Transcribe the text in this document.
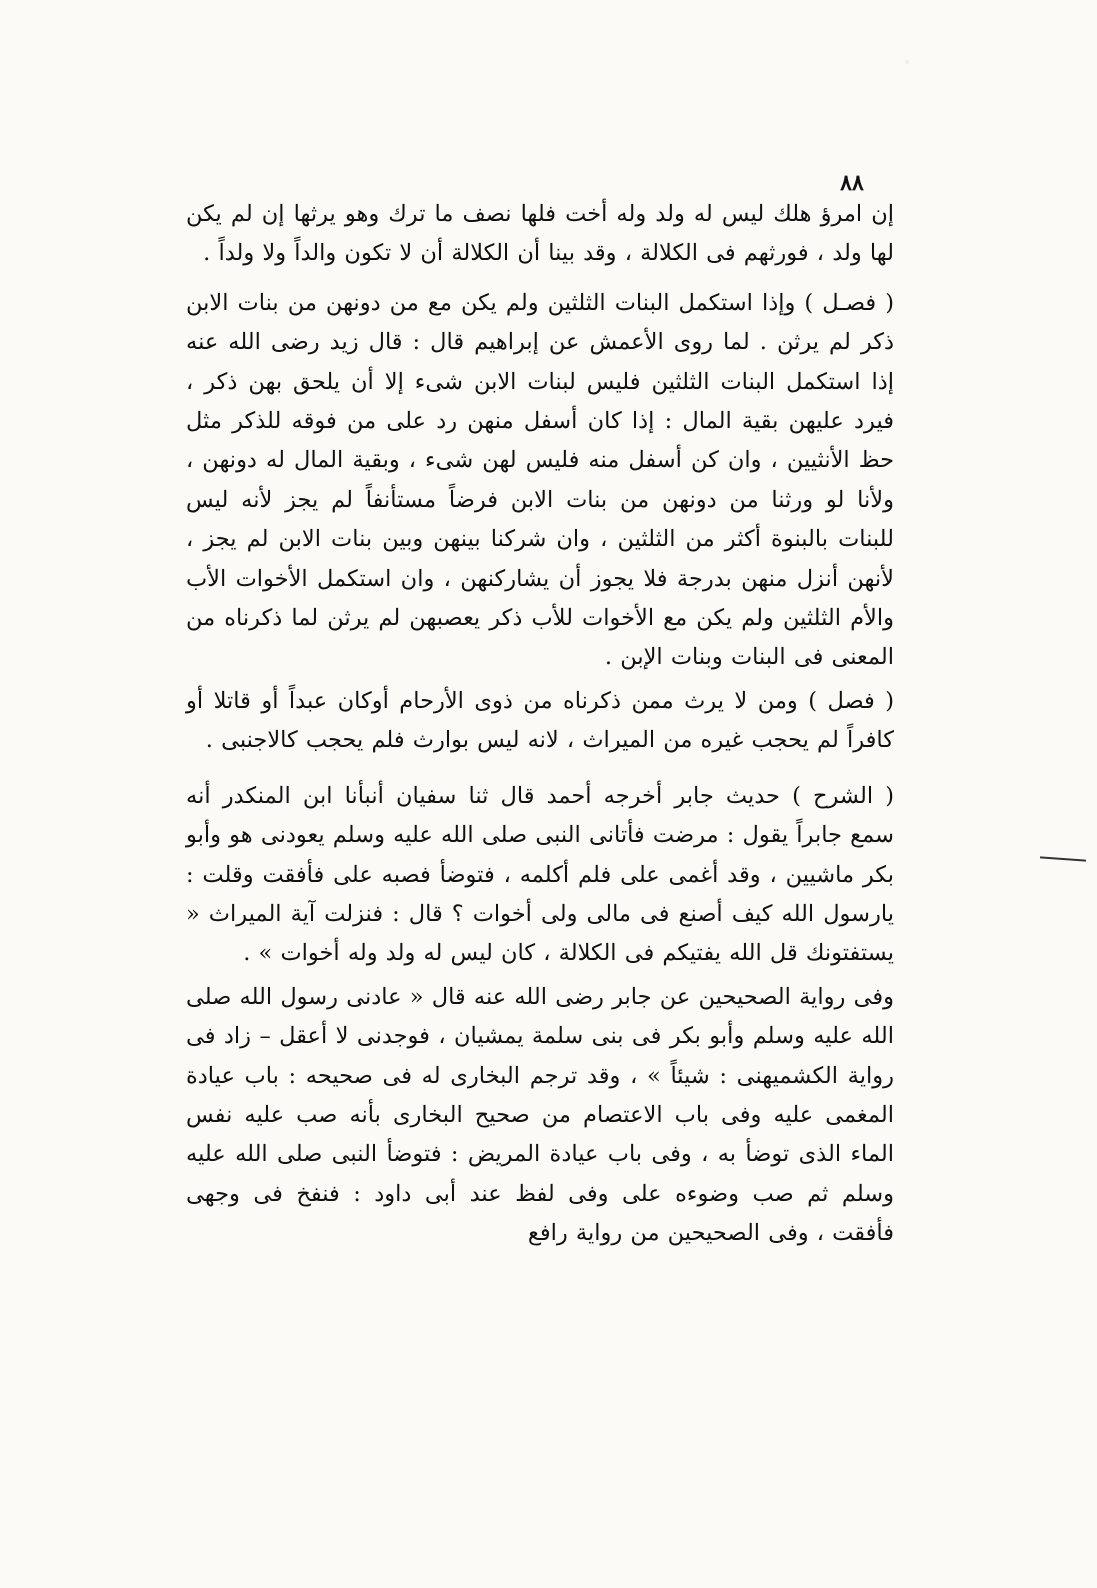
٨٨

إن امرؤ هلك ليس له ولد وله أخت فلها نصف ما ترك وهو يرثها إن لم يكن لها ولد ، فورثهم فى الكلالة ، وقد بينا أن الكلالة أن لا تكون والداً ولا ولداً .

( فصـل ) وإذا استكمل البنات الثلثين ولم يكن مع من دونهن من بنات الابن ذكر لم يرثن . لما روى الأعمش عن إبراهيم قال : قال زيد رضى الله عنه إذا استكمل البنات الثلثين فليس لبنات الابن شىء إلا أن يلحق بهن ذكر ، فيرد عليهن بقية المال : إذا كان أسفل منهن رد على من فوقه للذكر مثل حظ الأنثيين ، وان كن أسفل منه فليس لهن شىء ، وبقية المال له دونهن ، ولأنا لو ورثنا من دونهن من بنات الابن فرضاً مستأنفاً لم يجز لأنه ليس للبنات بالبنوة أكثر من الثلثين ، وان شركنا بينهن وبين بنات الابن لم يجز ، لأنهن أنزل منهن بدرجة فلا يجوز أن يشاركنهن ، وان استكمل الأخوات الأب والأم الثلثين ولم يكن مع الأخوات للأب ذكر يعصبهن لم يرثن لما ذكرناه من المعنى فى البنات وبنات الإبن .

( فصل ) ومن لا يرث ممن ذكرناه من ذوى الأرحام أوكان عبداً أو قاتلا أو كافراً لم يحجب غيره من الميراث ، لانه ليس بوارث فلم يحجب كالاجنبى .

( الشرح ) حديث جابر أخرجه أحمد قال ثنا سفيان أنبأنا ابن المنكدر أنه سمع جابراً يقول : مرضت فأتانى النبى صلى الله عليه وسلم يعودنى هو وأبو بكر ماشيين ، وقد أغمى على فلم أكلمه ، فتوضأ فصبه على فأفقت وقلت : يارسول الله كيف أصنع فى مالى ولى أخوات ؟ قال : فنزلت آية الميراث « يستفتونك قل الله يفتيكم فى الكلالة ، كان ليس له ولد وله أخوات » .

وفى رواية الصحيحين عن جابر رضى الله عنه قال « عادنى رسول الله صلى الله عليه وسلم وأبو بكر فى بنى سلمة يمشيان ، فوجدنى لا أعقل – زاد فى رواية الكشميهنى : شيئاً » ، وقد ترجم البخارى له فى صحيحه : باب عيادة المغمى عليه وفى باب الاعتصام من صحيح البخارى بأنه صب عليه نفس الماء الذى توضأ به ، وفى باب عيادة المريض : فتوضأ النبى صلى الله عليه وسلم ثم صب وضوءه على وفى لفظ عند أبى داود : فنفخ فى وجهى فأفقت ، وفى الصحيحين من رواية رافع
